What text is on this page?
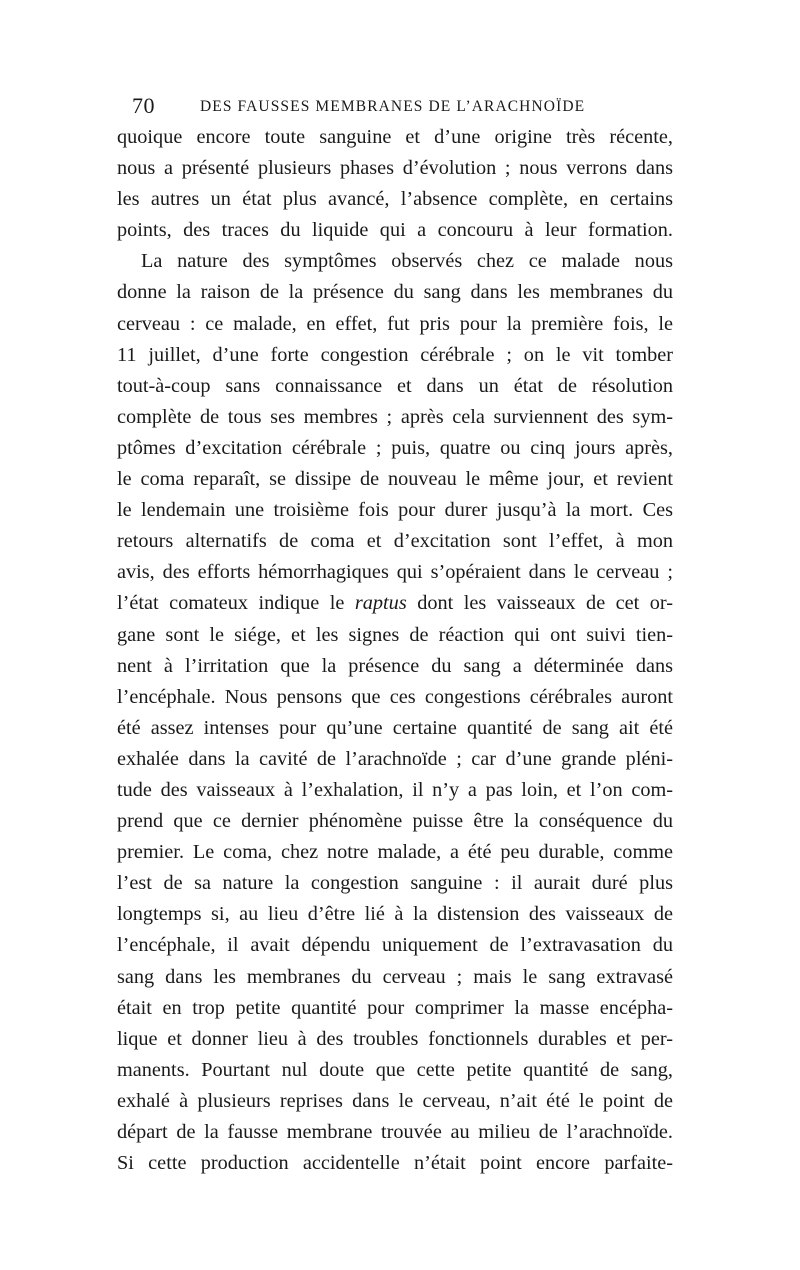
70	DES FAUSSES MEMBRANES DE L’ARACHNOÏDE
quoique encore toute sanguine et d’une origine très récente,
nous a présenté plusieurs phases d’évolution ; nous verrons dans
les autres un état plus avancé, l’absence complète, en certains
points, des traces du liquide qui a concouru à leur formation.
La nature des symptômes observés chez ce malade nous
donne la raison de la présence du sang dans les membranes du
cerveau : ce malade, en effet, fut pris pour la première fois, le
11 juillet, d’une forte congestion cérébrale ; on le vit tomber
tout-à-coup sans connaissance et dans un état de résolution
complète de tous ses membres ; après cela surviennent des sym-
ptômes d’excitation cérébrale ; puis, quatre ou cinq jours après,
le coma reparaît, se dissipe de nouveau le même jour, et revient
le lendemain une troisième fois pour durer jusqu’à la mort. Ces
retours alternatifs de coma et d’excitation sont l’effet, à mon
avis, des efforts hémorrhagiques qui s’opéraient dans le cerveau ;
l’état comateux indique le raptus dont les vaisseaux de cet or-
gane sont le siége, et les signes de réaction qui ont suivi tien-
nent à l’irritation que la présence du sang a déterminée dans
l’encéphale. Nous pensons que ces congestions cérébrales auront
été assez intenses pour qu’une certaine quantité de sang ait été
exhalée dans la cavité de l’arachnoïde ; car d’une grande pléni-
tude des vaisseaux à l’exhalation, il n’y a pas loin, et l’on com-
prend que ce dernier phénomène puisse être la conséquence du
premier. Le coma, chez notre malade, a été peu durable, comme
l’est de sa nature la congestion sanguine : il aurait duré plus
longtemps si, au lieu d’être lié à la distension des vaisseaux de
l’encéphale, il avait dépendu uniquement de l’extravasation du
sang dans les membranes du cerveau ; mais le sang extravasé
était en trop petite quantité pour comprimer la masse encépha-
lique et donner lieu à des troubles fonctionnels durables et per-
manents. Pourtant nul doute que cette petite quantité de sang,
exhalé à plusieurs reprises dans le cerveau, n’ait été le point de
départ de la fausse membrane trouvée au milieu de l’arachnoïde.
Si cette production accidentelle n’était point encore parfaite-
